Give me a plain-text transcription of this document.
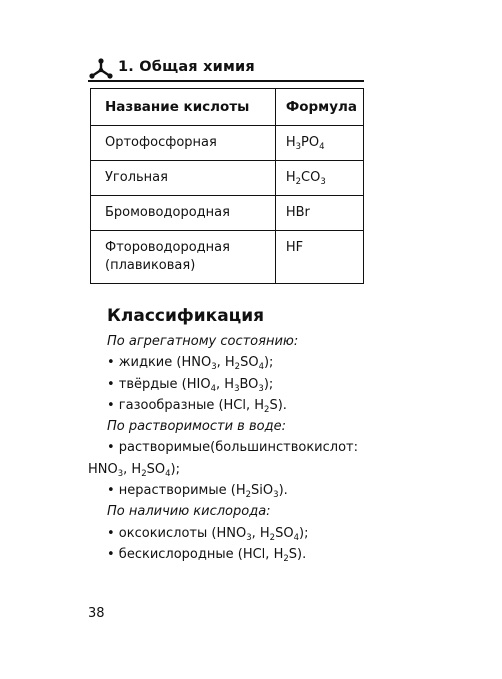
1. Общая химия
Название кислоты	Формула

Ортофосфорная	$H_3PO_4$

Угольная	$H_2CO_3$

Бромоводородная	HBr

Фтороводородная
(плавиковая)	HF
Классификация
По агрегатному состоянию:
• жидкие ($HNO_3$, $H_2SO_4$);
• твёрдые ($HIO_4$, $H_3BO_3$);
• газообразные (HCl, $H_2S$).
По растворимости в воде:
• растворимые (большинство кислот:
$HNO_3$, $H_2SO_4$);
• нерастворимые $(H_2SiO_3)$.
По наличию кислорода:
• оксокислоты ($HNO_3$, $H_2SO_4$);
• бескислородные (HCl, $H_2S$).
38
